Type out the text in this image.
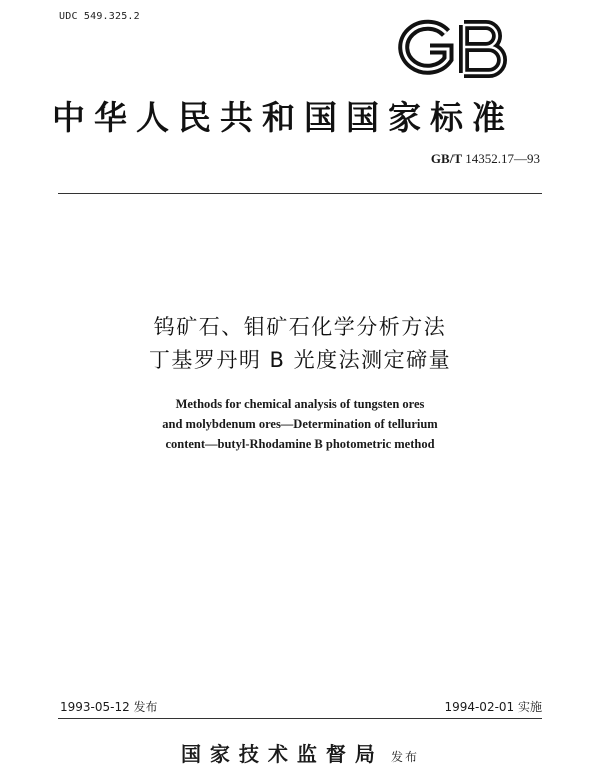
UDC 549.325.2
中华人民共和国国家标准
GB/T 14352.17—93
钨矿石、钼矿石化学分析方法
丁基罗丹明 B 光度法测定碲量
Methods for chemical analysis of tungsten ores
and molybdenum ores—Determination of tellurium
content—butyl-Rhodamine B photometric method
1993-05-12 发布	1994-02-01 实施
国家技术监督局 发布
